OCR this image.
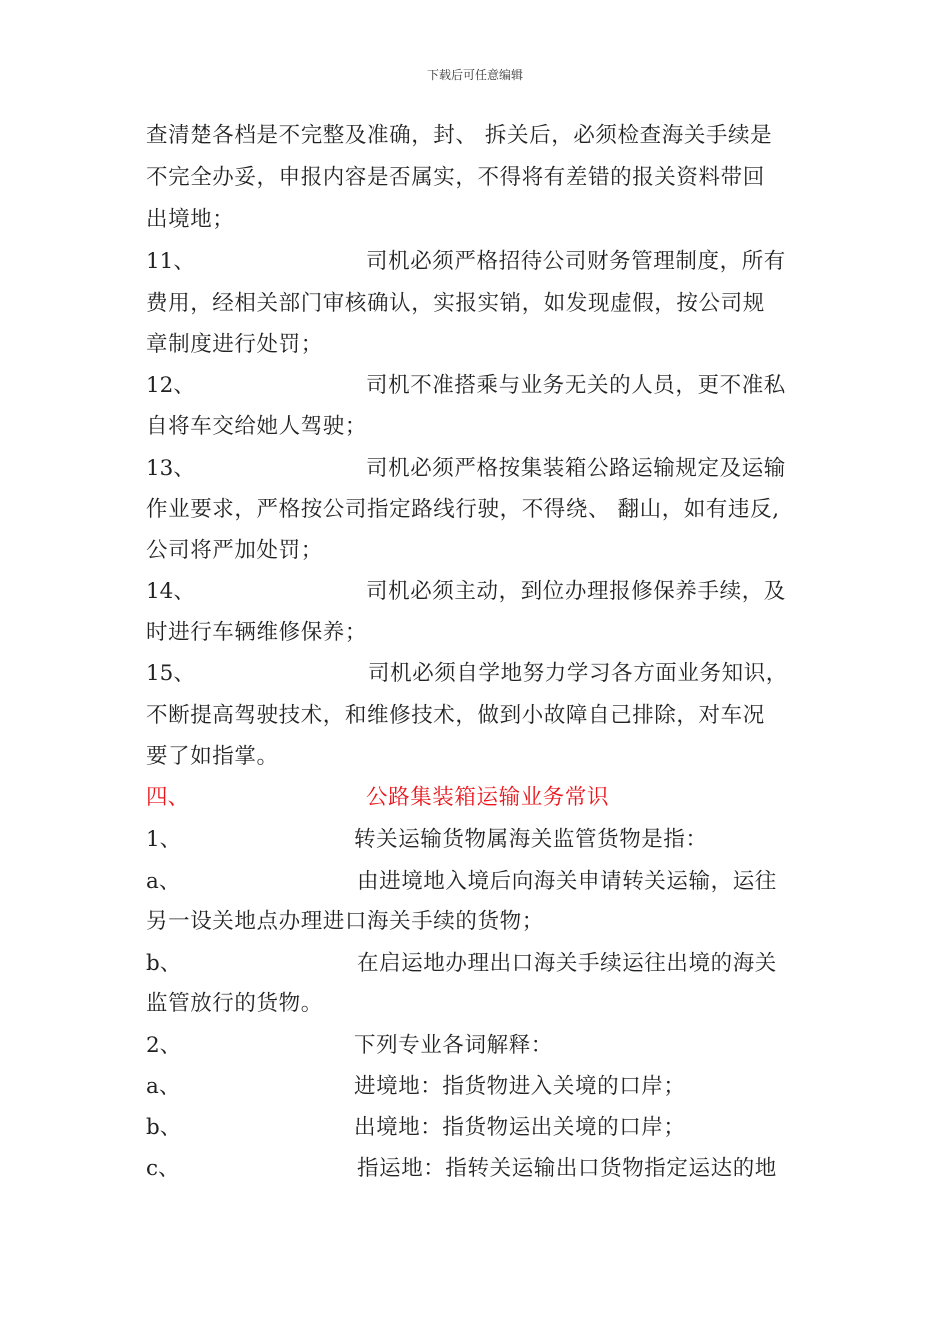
下载后可任意编辑
查清楚各档是不完整及准确，封、 拆关后，必须检查海关手续是
不完全办妥，申报内容是否属实，不得将有差错的报关资料带回
出境地；
11、	司机必须严格招待公司财务管理制度，所有
费用，经相关部门审核确认，实报实销，如发现虚假，按公司规
章制度进行处罚；
12、	司机不准搭乘与业务无关的人员，更不准私
自将车交给她人驾驶；
13、	司机必须严格按集装箱公路运输规定及运输
作业要求，严格按公司指定路线行驶，不得绕、 翻山，如有违反,
公司将严加处罚；
14、	司机必须主动，到位办理报修保养手续，及
时进行车辆维修保养；
15、	司机必须自学地努力学习各方面业务知识，
不断提高驾驶技术，和维修技术，做到小故障自己排除，对车况
要了如指掌。
四、	公路集装箱运输业务常识
1、	转关运输货物属海关监管货物是指：
a、	由进境地入境后向海关申请转关运输，运往
另一设关地点办理进口海关手续的货物；
b、	在启运地办理出口海关手续运往出境的海关
监管放行的货物。
2、	下列专业各词解释：
a、	进境地：指货物进入关境的口岸；
b、	出境地：指货物运出关境的口岸；
c、	指运地：指转关运输出口货物指定运达的地
